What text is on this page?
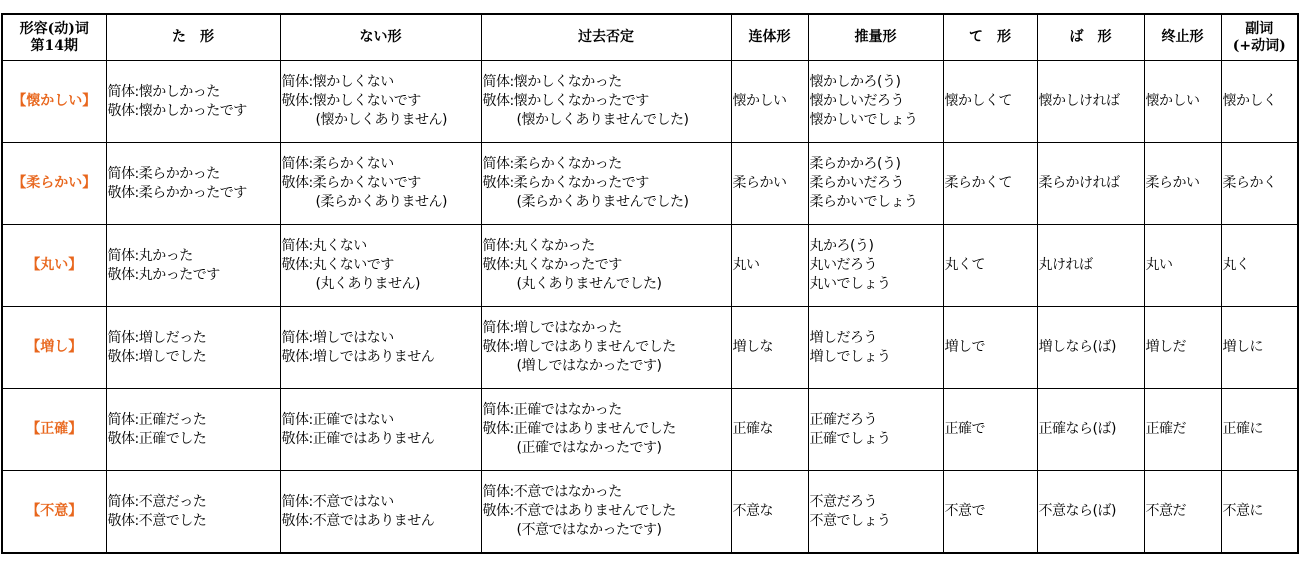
形容(动)词
第14期	た　形	ない形	过去否定	连体形	推量形	て　形	ば　形	终止形	副词
(+动词)

【懐かしい】	简体:懐かしかった
敬体:懐かしかったです	简体:懐かしくない
敬体:懐かしくないです
(懐かしくありません)	简体:懐かしくなかった
敬体:懐かしくなかったです
(懐かしくありませんでした)	懐かしい	懐かしかろ(う)
懐かしいだろう
懐かしいでしょう	懐かしくて	懐かしければ	懐かしい	懐かしく
【柔らかい】	简体:柔らかかった
敬体:柔らかかったです	简体:柔らかくない
敬体:柔らかくないです
(柔らかくありません)	简体:柔らかくなかった
敬体:柔らかくなかったです
(柔らかくありませんでした)	柔らかい	柔らかかろ(う)
柔らかいだろう
柔らかいでしょう	柔らかくて	柔らかければ	柔らかい	柔らかく
【丸い】	简体:丸かった
敬体:丸かったです	简体:丸くない
敬体:丸くないです
(丸くありません)	简体:丸くなかった
敬体:丸くなかったです
(丸くありませんでした)	丸い	丸かろ(う)
丸いだろう
丸いでしょう	丸くて	丸ければ	丸い	丸く
【増し】	简体:増しだった
敬体:増しでした	简体:増しではない
敬体:増しではありません	简体:増しではなかった
敬体:増しではありませんでした
(増しではなかったです)	増しな	増しだろう
増しでしょう	増しで	増しなら(ば)	増しだ	増しに
【正確】	简体:正確だった
敬体:正確でした	简体:正確ではない
敬体:正確ではありません	简体:正確ではなかった
敬体:正確ではありませんでした
(正確ではなかったです)	正確な	正確だろう
正確でしょう	正確で	正確なら(ば)	正確だ	正確に
【不意】	简体:不意だった
敬体:不意でした	简体:不意ではない
敬体:不意ではありません	简体:不意ではなかった
敬体:不意ではありませんでした
(不意ではなかったです)	不意な	不意だろう
不意でしょう	不意で	不意なら(ば)	不意だ	不意に
